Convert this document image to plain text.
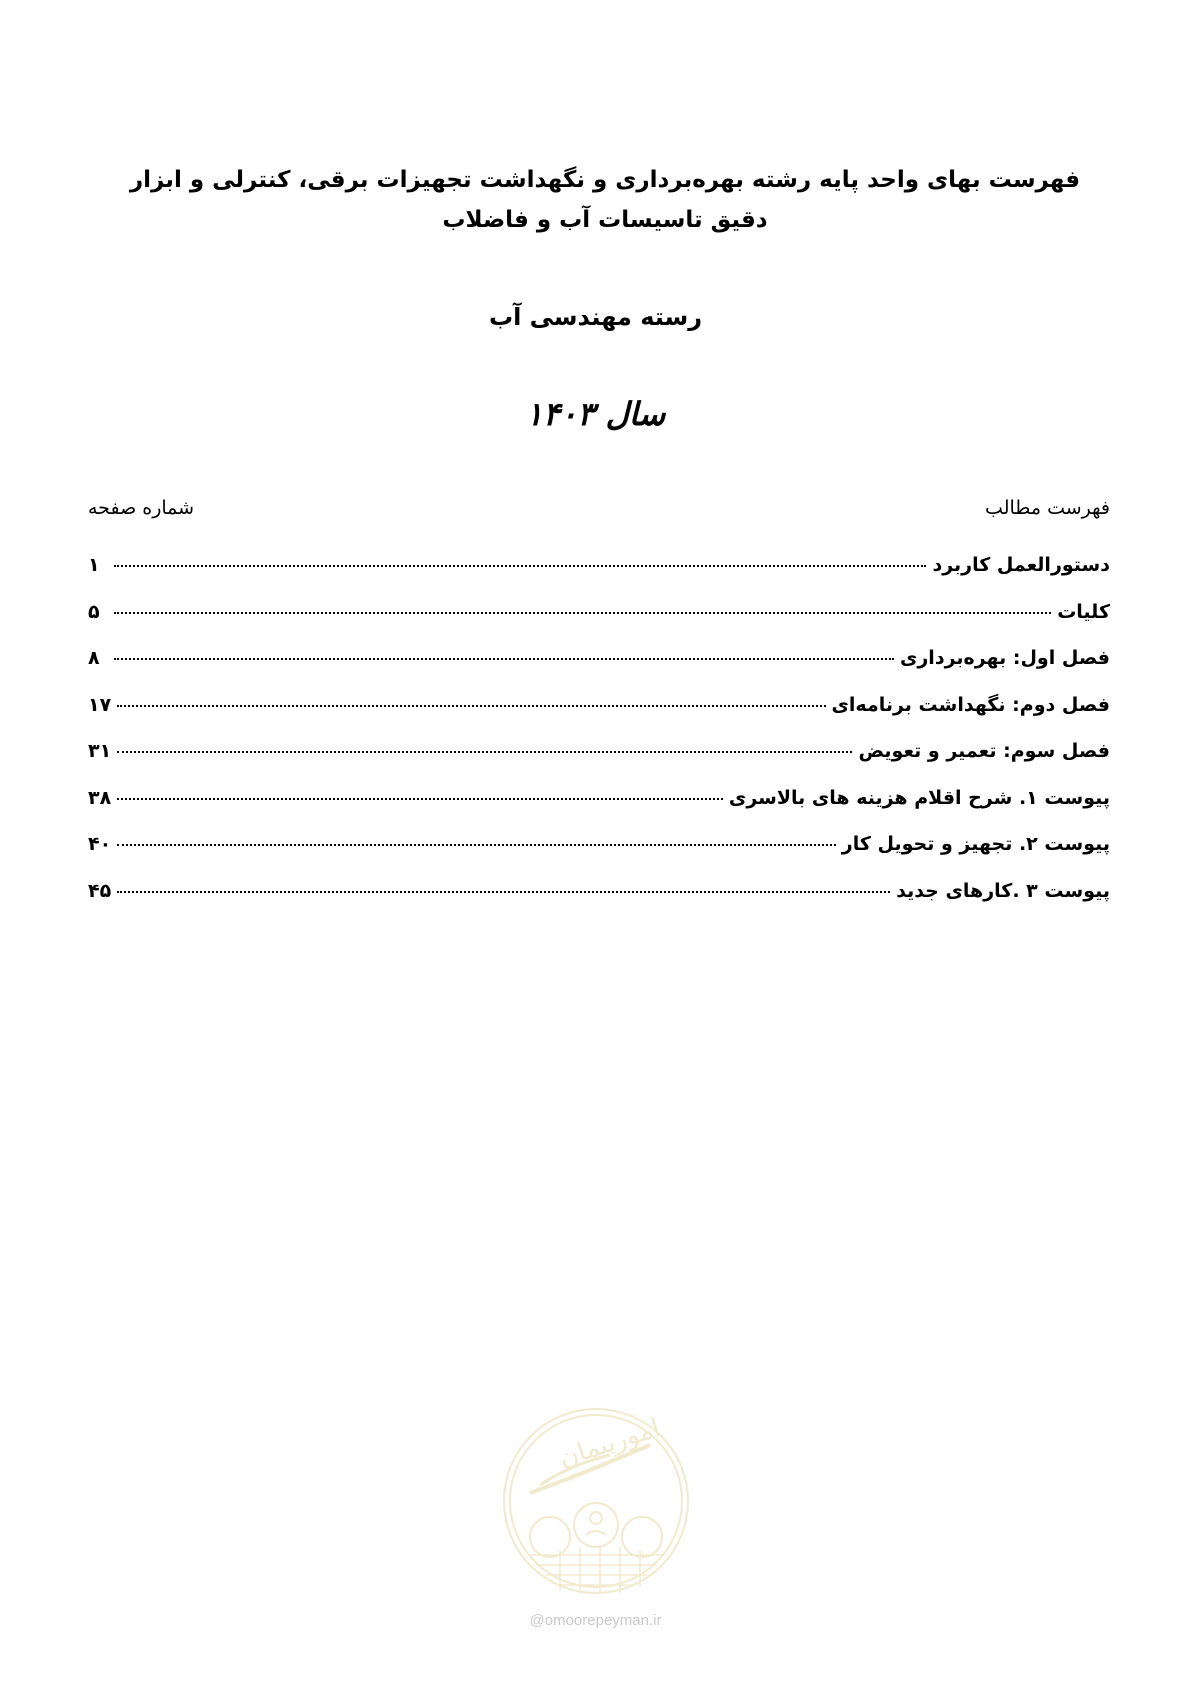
فهرست بهای واحد پایه رشته بهره‌برداری و نگهداشت تجهیزات برقی، کنترلی و ابزار دقیق تاسیسات آب و فاضلاب
رسته مهندسی آب
سال ۱۴۰۳
فهرست مطالب
شماره صفحه
دستورالعمل کاربرد
۱
کلیات
۵
فصل اول: بهره‌برداری
۸
فصل دوم: نگهداشت برنامه‌ای
۱۷
فصل سوم: تعمیر و تعویض
۳۱
پیوست ۱. شرح اقلام هزینه های بالاسری
۳۸
پیوست ۲. تجهیز و تحویل کار
۴۰
پیوست ۳ .کارهای جدید
۴۵
امورپیمان
@omoorepeyman.ir
